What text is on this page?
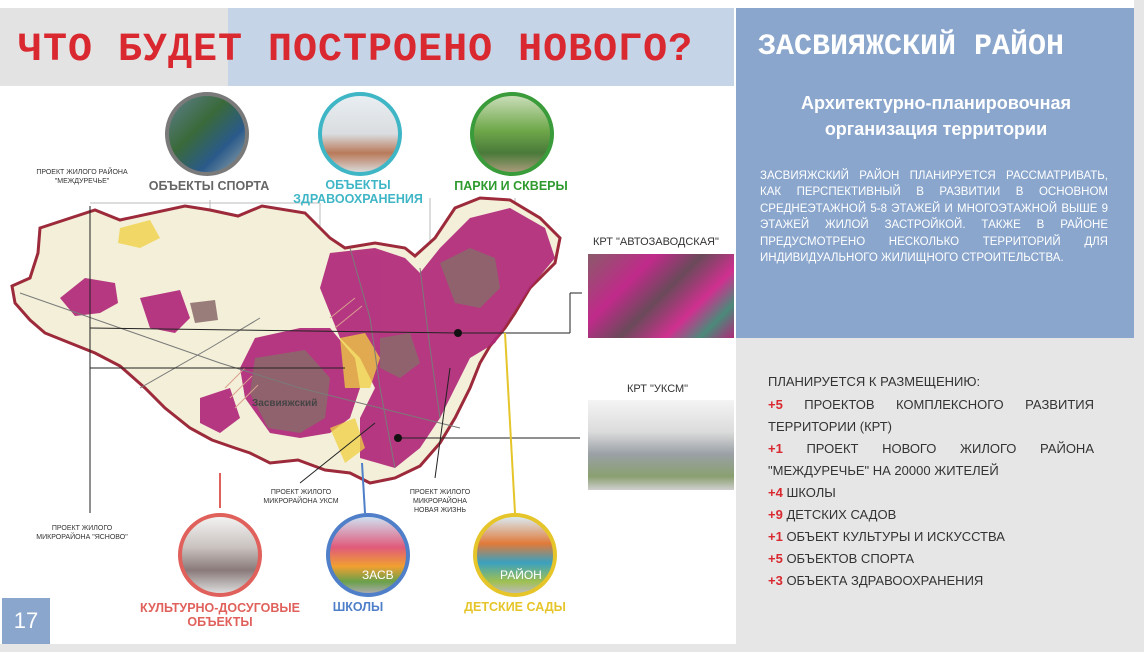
ЧТО БУДЕТ ПОСТРОЕНО НОВОГО? ЗАСВИЯЖСКИЙ РАЙОН
Архитектурно-планировочная организация территории
ЗАСВИЯЖСКИЙ РАЙОН ПЛАНИРУЕТСЯ РАССМАТРИВАТЬ, КАК ПЕРСПЕКТИВНЫЙ В РАЗВИТИИ В ОСНОВНОМ СРЕДНЕЭТАЖНОЙ 5-8 ЭТАЖЕЙ И МНОГОЭТАЖНОЙ ВЫШЕ 9 ЭТАЖЕЙ ЖИЛОЙ ЗАСТРОЙКОЙ. ТАКЖЕ В РАЙОНЕ ПРЕДУСМОТРЕНО НЕСКОЛЬКО ТЕРРИТОРИЙ ДЛЯ ИНДИВИДУАЛЬНОГО ЖИЛИЩНОГО СТРОИТЕЛЬСТВА.
ПЛАНИРУЕТСЯ К РАЗМЕЩЕНИЮ:
+5 ПРОЕКТОВ КОМПЛЕКСНОГО РАЗВИТИЯ ТЕРРИТОРИИ (КРТ)
+1 ПРОЕКТ НОВОГО ЖИЛОГО РАЙОНА "МЕЖДУРЕЧЬЕ" НА 20000 ЖИТЕЛЕЙ
+4 ШКОЛЫ
+9 ДЕТСКИХ САДОВ
+1 ОБЪЕКТ КУЛЬТУРЫ И ИСКУССТВА
+5 ОБЪЕКТОВ СПОРТА
+3 ОБЪЕКТА ЗДРАВООХРАНЕНИЯ
Засвияжский
ОБЪЕКТЫ СПОРТА	ОБЪЕКТЫ ЗДРАВООХРАНЕНИЯ
ПАРКИ И СКВЕРЫ
КУЛЬТУРНО-ДОСУГОВЫЕ ОБЪЕКТЫ
ШКОЛЫ	ДЕТСКИЕ САДЫ
ЗАСВ	РАЙОН
ПРОЕКТ ЖИЛОГО РАЙОНА "МЕЖДУРЕЧЬЕ"
ПРОЕКТ ЖИЛОГО МИКРОРАЙОНА УКСМ
ПРОЕКТ ЖИЛОГО МИКРОРАЙОНА НОВАЯ ЖИЗНЬ
ПРОЕКТ ЖИЛОГО МИКРОРАЙОНА "ЯСНОВО"
КРТ "АВТОЗАВОДСКАЯ"
КРТ "УКСМ"
17
